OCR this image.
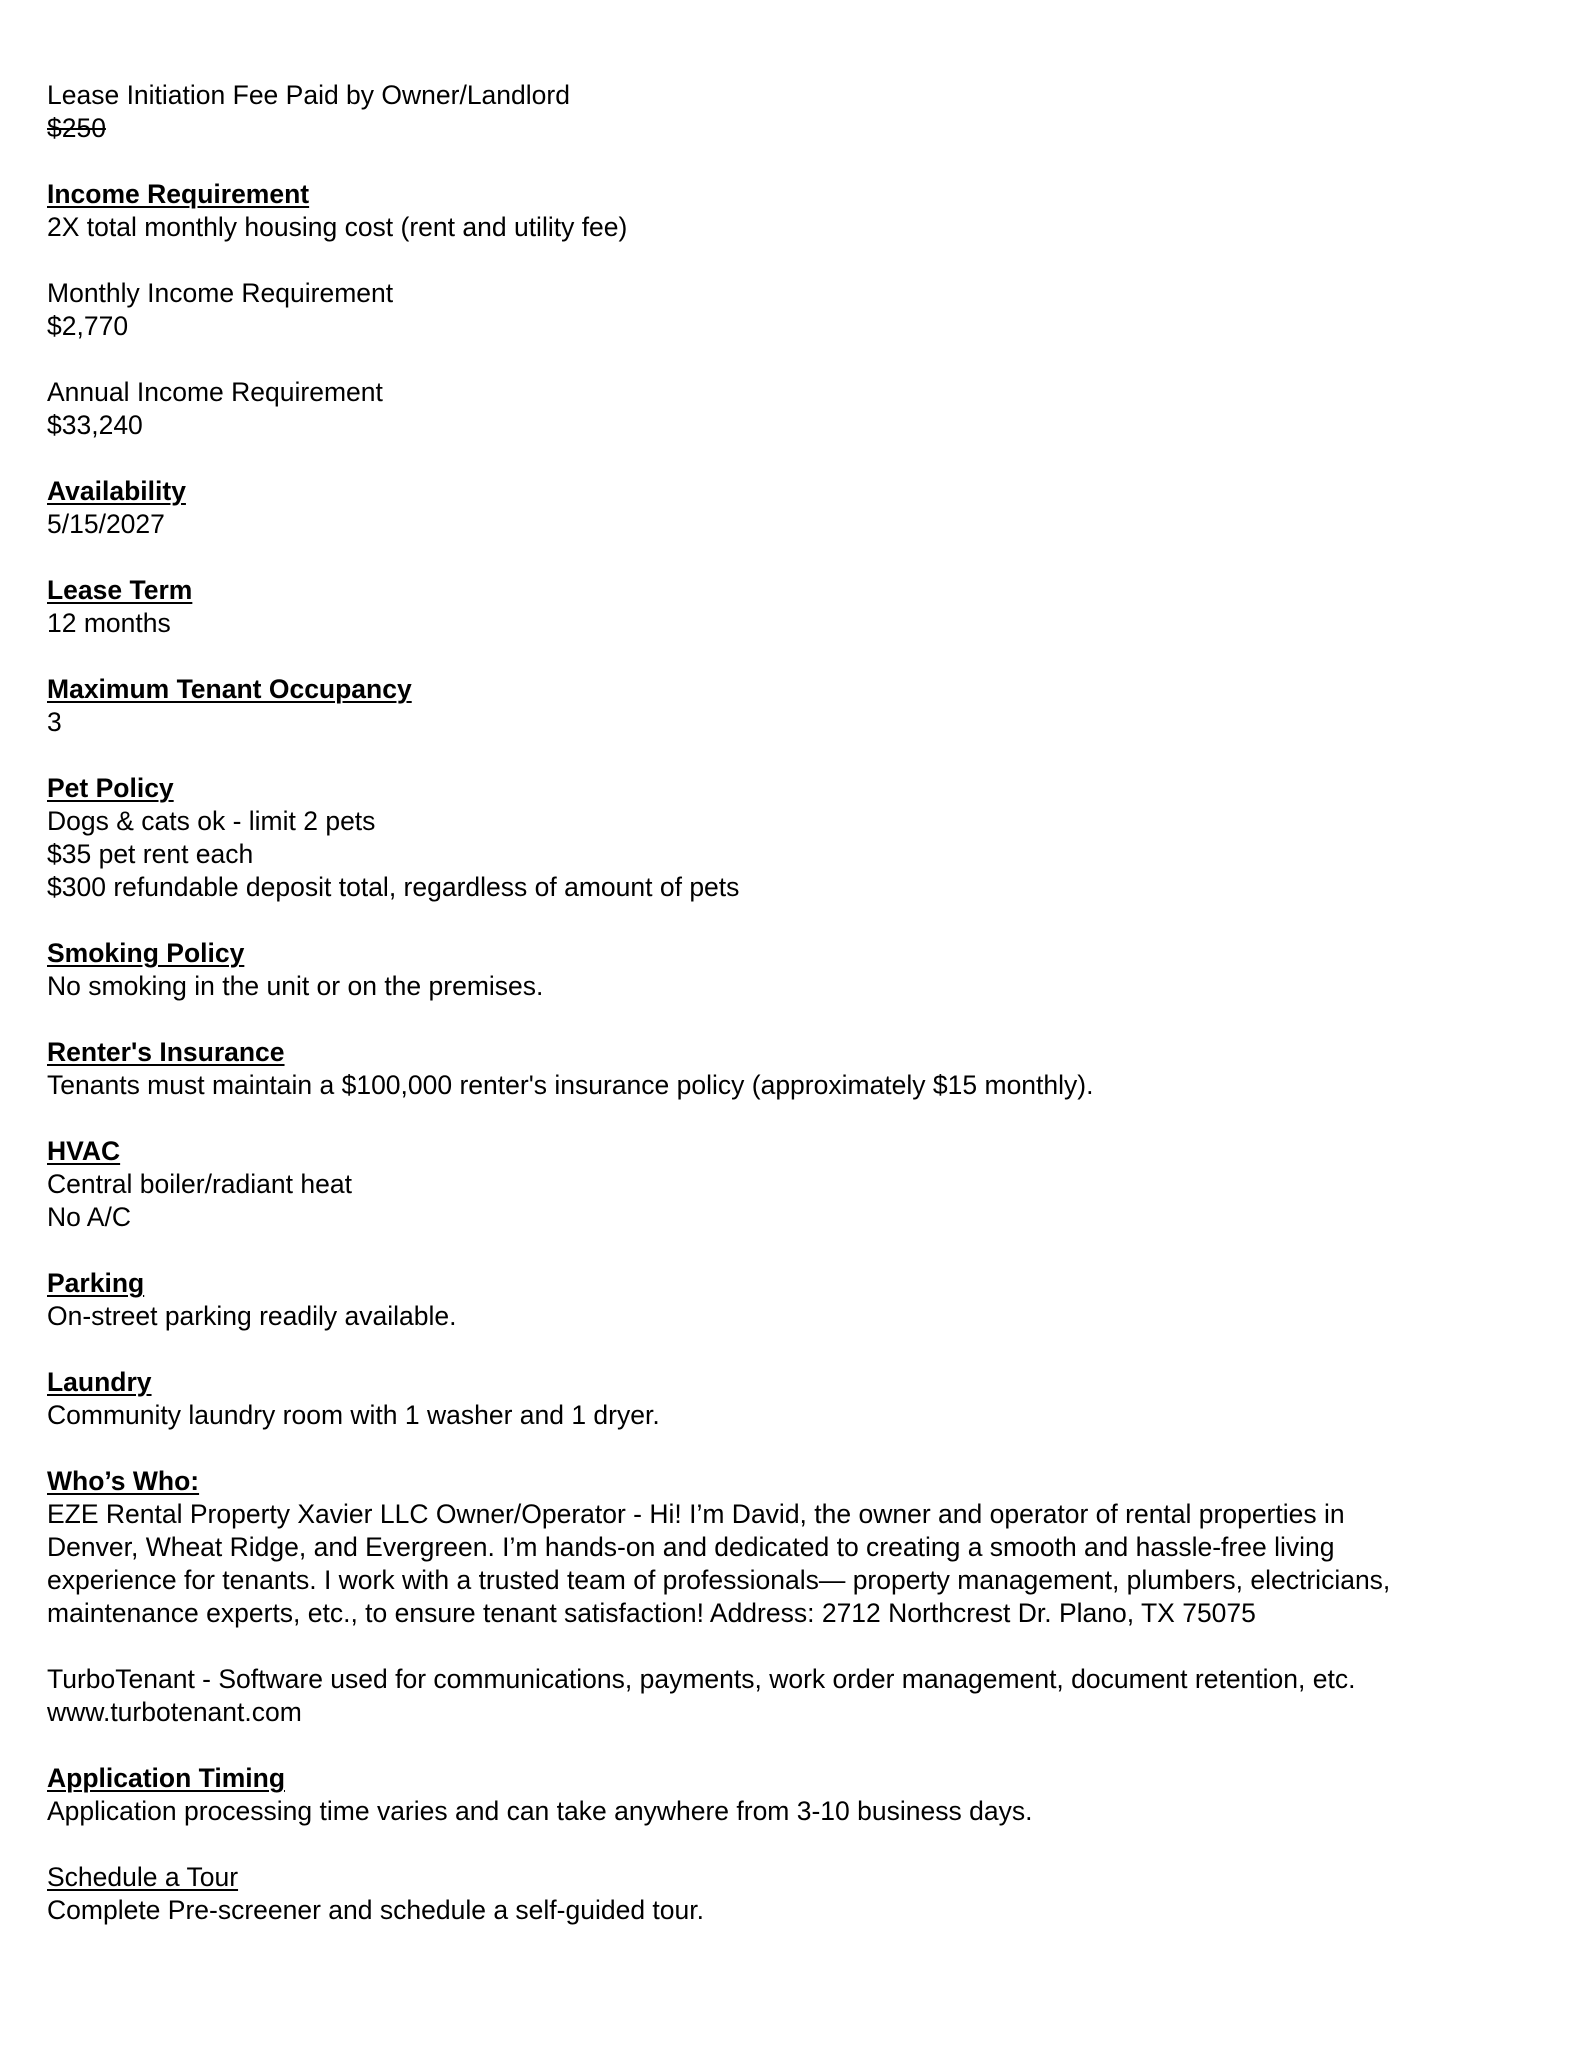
Lease Initiation Fee Paid by Owner/Landlord
$250
Income Requirement
2X total monthly housing cost (rent and utility fee)
Monthly Income Requirement
$2,770
Annual Income Requirement
$33,240
Availability
5/15/2027
Lease Term
12 months
Maximum Tenant Occupancy
3
Pet Policy
Dogs & cats ok - limit 2 pets
$35 pet rent each
$300 refundable deposit total, regardless of amount of pets
Smoking Policy
No smoking in the unit or on the premises.
Renter's Insurance
Tenants must maintain a $100,000 renter's insurance policy (approximately $15 monthly).
HVAC
Central boiler/radiant heat
No A/C
Parking
On-street parking readily available.
Laundry
Community laundry room with 1 washer and 1 dryer.
Who’s Who:
EZE Rental Property Xavier LLC Owner/Operator - Hi! I’m David, the owner and operator of rental properties in
Denver, Wheat Ridge, and Evergreen. I’m hands-on and dedicated to creating a smooth and hassle-free living
experience for tenants. I work with a trusted team of professionals— property management, plumbers, electricians,
maintenance experts, etc., to ensure tenant satisfaction! Address: 2712 Northcrest Dr. Plano, TX 75075
TurboTenant - Software used for communications, payments, work order management, document retention, etc.
www.turbotenant.com
Application Timing
Application processing time varies and can take anywhere from 3-10 business days.
Schedule a Tour
Complete Pre-screener and schedule a self-guided tour.
